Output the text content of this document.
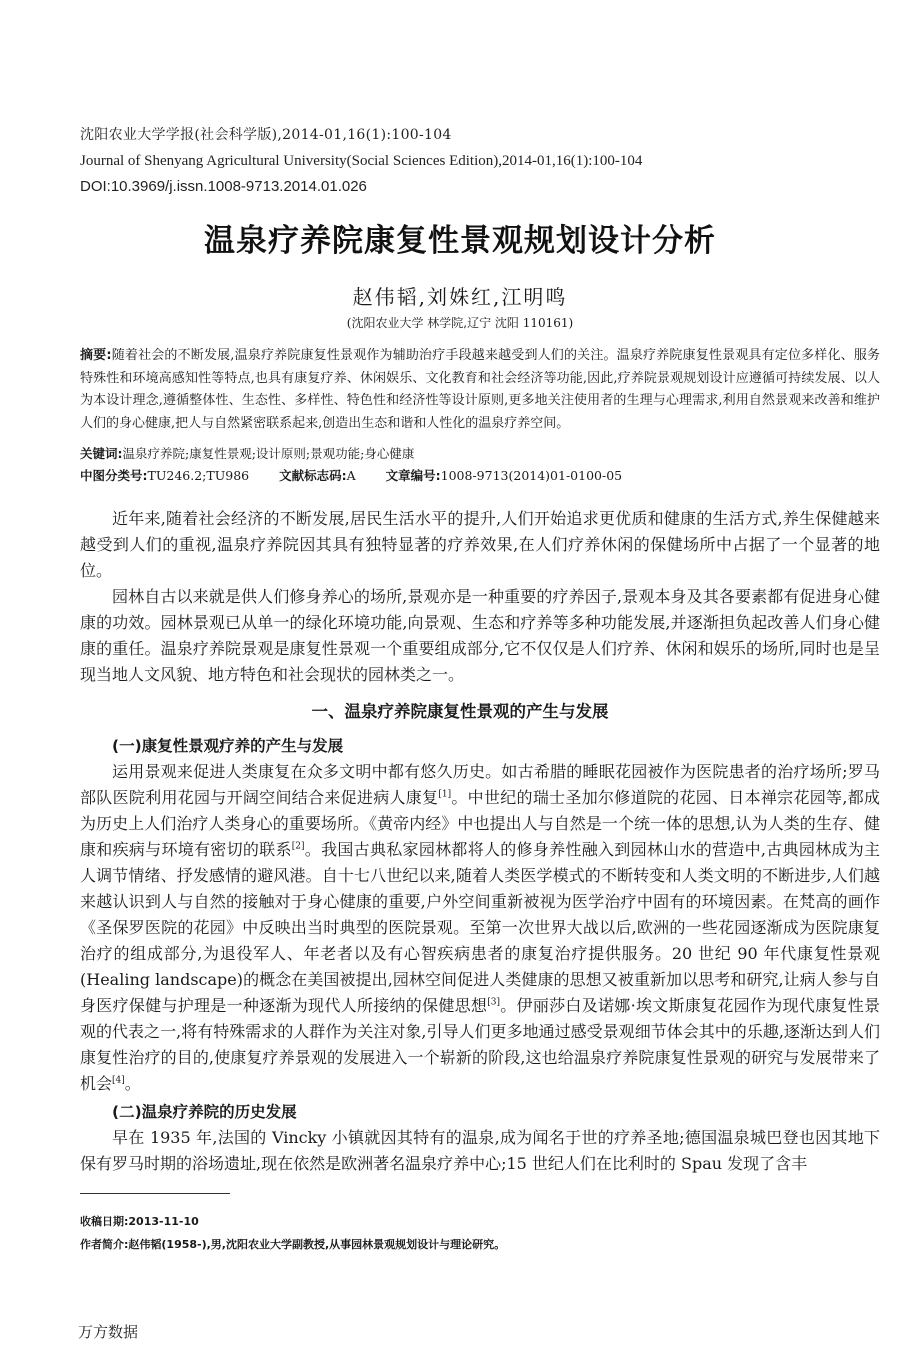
沈阳农业大学学报(社会科学版),2014-01,16(1):100-104
Journal of Shenyang Agricultural University(Social Sciences Edition),2014-01,16(1):100-104
DOI:10.3969/j.issn.1008-9713.2014.01.026
温泉疗养院康复性景观规划设计分析
赵伟韬,刘姝红,江明鸣
(沈阳农业大学 林学院,辽宁 沈阳 110161)

摘要:随着社会的不断发展,温泉疗养院康复性景观作为辅助治疗手段越来越受到人们的关注。温泉疗养院康复性景观具有定位多样化、服务特殊性和环境高感知性等特点,也具有康复疗养、休闲娱乐、文化教育和社会经济等功能,因此,疗养院景观规划设计应遵循可持续发展、以人为本设计理念,遵循整体性、生态性、多样性、特色性和经济性等设计原则,更多地关注使用者的生理与心理需求,利用自然景观来改善和维护人们的身心健康,把人与自然紧密联系起来,创造出生态和谐和人性化的温泉疗养空间。

关键词:温泉疗养院;康复性景观;设计原则;景观功能;身心健康
中图分类号:TU246.2;TU986 文献标志码:A 文章编号:1008-9713(2014)01-0100-05

近年来,随着社会经济的不断发展,居民生活水平的提升,人们开始追求更优质和健康的生活方式,养生保健越来越受到人们的重视,温泉疗养院因其具有独特显著的疗养效果,在人们疗养休闲的保健场所中占据了一个显著的地位。

园林自古以来就是供人们修身养心的场所,景观亦是一种重要的疗养因子,景观本身及其各要素都有促进身心健康的功效。园林景观已从单一的绿化环境功能,向景观、生态和疗养等多种功能发展,并逐渐担负起改善人们身心健康的重任。温泉疗养院景观是康复性景观一个重要组成部分,它不仅仅是人们疗养、休闲和娱乐的场所,同时也是呈现当地人文风貌、地方特色和社会现状的园林类之一。

一、温泉疗养院康复性景观的产生与发展
(一)康复性景观疗养的产生与发展

运用景观来促进人类康复在众多文明中都有悠久历史。如古希腊的睡眠花园被作为医院患者的治疗场所;罗马部队医院利用花园与开阔空间结合来促进病人康复[1]。中世纪的瑞士圣加尔修道院的花园、日本禅宗花园等,都成为历史上人们治疗人类身心的重要场所。《黄帝内经》中也提出人与自然是一个统一体的思想,认为人类的生存、健康和疾病与环境有密切的联系[2]。我国古典私家园林都将人的修身养性融入到园林山水的营造中,古典园林成为主人调节情绪、抒发感情的避风港。自十七八世纪以来,随着人类医学模式的不断转变和人类文明的不断进步,人们越来越认识到人与自然的接触对于身心健康的重要,户外空间重新被视为医学治疗中固有的环境因素。在梵高的画作《圣保罗医院的花园》中反映出当时典型的医院景观。至第一次世界大战以后,欧洲的一些花园逐渐成为医院康复治疗的组成部分,为退役军人、年老者以及有心智疾病患者的康复治疗提供服务。20 世纪 90 年代康复性景观(Healing landscape)的概念在美国被提出,园林空间促进人类健康的思想又被重新加以思考和研究,让病人参与自身医疗保健与护理是一种逐渐为现代人所接纳的保健思想[3]。伊丽莎白及诺娜·埃文斯康复花园作为现代康复性景观的代表之一,将有特殊需求的人群作为关注对象,引导人们更多地通过感受景观细节体会其中的乐趣,逐渐达到人们康复性治疗的目的,使康复疗养景观的发展进入一个崭新的阶段,这也给温泉疗养院康复性景观的研究与发展带来了机会[4]。

(二)温泉疗养院的历史发展

早在 1935 年,法国的 Vincky 小镇就因其特有的温泉,成为闻名于世的疗养圣地;德国温泉城巴登也因其地下保有罗马时期的浴场遗址,现在依然是欧洲著名温泉疗养中心;15 世纪人们在比利时的 Spau 发现了含丰

收稿日期:2013-11-10
作者简介:赵伟韬(1958-),男,沈阳农业大学副教授,从事园林景观规划设计与理论研究。
万方数据
